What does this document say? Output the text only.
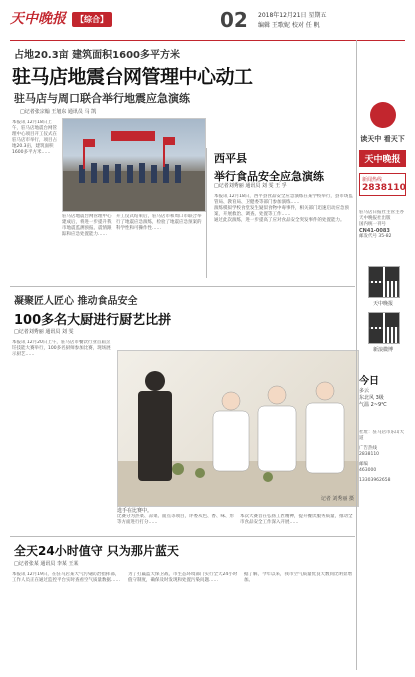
天中晚报	【综合】	02 2018年12月21日 星期五
编辑 王歌妮 校对 任 帆
占地20.3亩 建筑面积1600多平方米
驻马店地震台网管理中心动工
驻马店与周口联合举行地震应急演练
□记者张宗翰 王旭东 通讯员 马 凯
本报讯 12月18日上午，驻马店地震台网管理中心项目开工仪式在驻马店市举行，项目占地20.3亩，建筑面积1600多平方米……
开工仪式结束后，驻马店市和周口市联合举行了地震应急演练，检验了地震应急预案的科学性和可操作性……
驻马店地震台网管理中心建成后，将进一步提升我市地震监测预报、震情跟踪和应急处置能力……
西平县
举行食品安全应急演练
□记者刘秀丽 通讯员 刘 雯 王 孚
本报讯 12月18日，西平县食品安全应急演练在某学校举行，县市场监管局、教育局、卫健委等部门参加演练……
演练模拟学校食堂发生疑似食物中毒事件，相关部门迅速启动应急预案，开展救治、调查、处置等工作……
通过此次演练，进一步提高了应对食品安全突发事件的处置能力。
凝聚匠人匠心 推动食品安全
100多名大厨进行厨艺比拼
□记者刘秀丽 通讯员 刘 雯
本报讯 12月20日上午，驻马店市餐饮行业首届烹饪技能大赛举行，100多名厨师参加比赛，现场展示厨艺……
记者 刘秀丽 摄
选手在比赛中。
比赛分为热菜、凉菜、面点等项目，评委从色、香、味、形等方面进行打分……
本次大赛旨在弘扬工匠精神，提升餐饮服务质量，推动全市食品安全工作深入开展……
全天24小时值守 只为那片蓝天
□记者张某 通讯员 李某 王某
本报讯 12月19日，在驻马店某大气污染防治指挥部，工作人员正在通过监控平台实时查看空气质量数据……
为了打赢蓝天保卫战，市生态环境部门实行全天24小时值守制度，确保及时发现和处置污染问题……
据了解，今年以来，我市空气质量优良天数同比明显增加。
读天中 看天下
天中晚报
新闻热线
2838110
驻马店日报社主管主办
天中晚报社出版
国内统一刊号
CN41-0083
邮发代号 35-82
天中晚报
新浪微博
今日
多云
东北风 3级
气温 2~9℃
社址：驻马店市乐山大道
广告热线
2838110
邮编
463000
13303962658
